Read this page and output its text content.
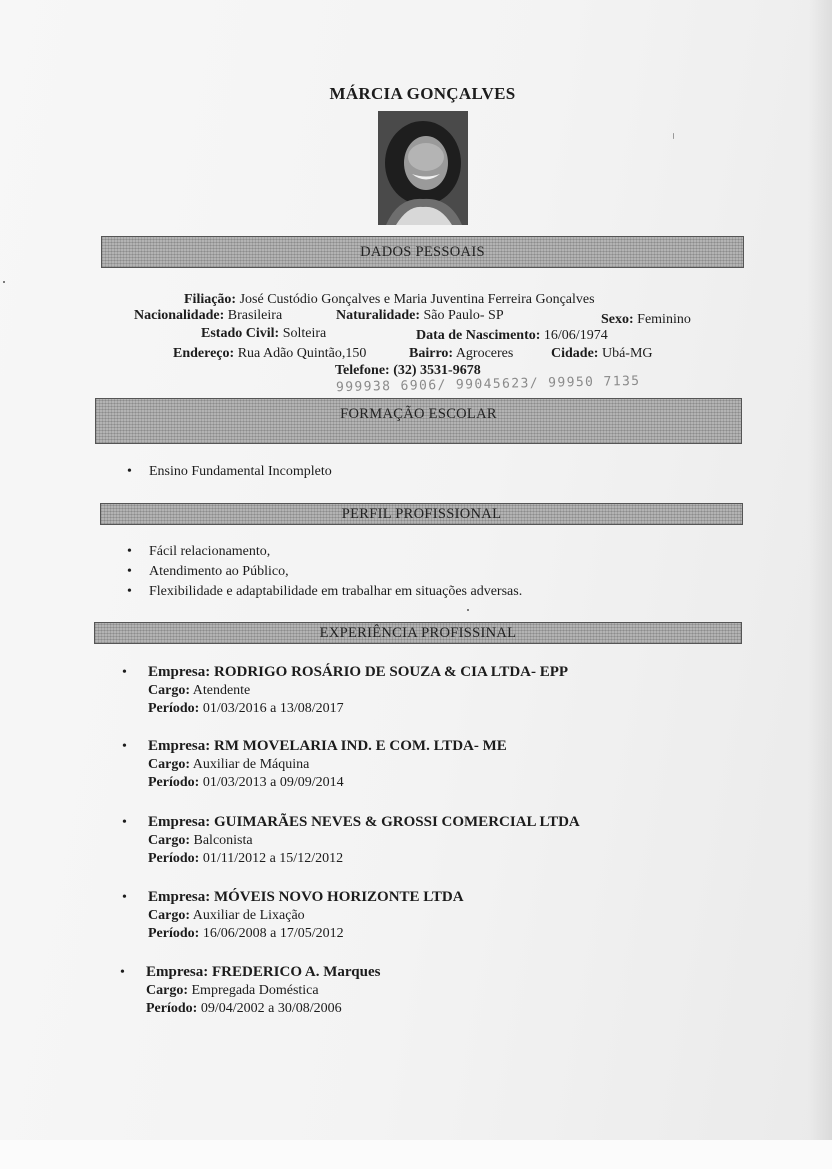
MÁRCIA GONÇALVES
DADOS PESSOAIS
Filiação: José Custódio Gonçalves e Maria Juventina Ferreira Gonçalves
Nacionalidade: Brasileira	Naturalidade: São Paulo- SP	Sexo: Feminino
Estado Civil: Solteira	Data de Nascimento: 16/06/1974
Endereço: Rua Adão Quintão,150	Bairro: Agroceres	Cidade: Ubá-MG
Telefone: (32) 3531-9678
999938 6906/ 99045623/ 99950 7135
FORMAÇÃO ESCOLAR
• Ensino Fundamental Incompleto
PERFIL PROFISSIONAL
• Fácil relacionamento,
• Atendimento ao Público,
• Flexibilidade e adaptabilidade em trabalhar em situações adversas.
EXPERIÊNCIA PROFISSINAL
• Empresa: RODRIGO ROSÁRIO DE SOUZA & CIA LTDA- EPP
Cargo: Atendente
Período: 01/03/2016 a 13/08/2017
• Empresa: RM MOVELARIA IND. E COM. LTDA- ME
Cargo: Auxiliar de Máquina
Período: 01/03/2013 a 09/09/2014
• Empresa: GUIMARÃES NEVES & GROSSI COMERCIAL LTDA
Cargo: Balconista
Período: 01/11/2012 a 15/12/2012
• Empresa: MÓVEIS NOVO HORIZONTE LTDA
Cargo: Auxiliar de Lixação
Período: 16/06/2008 a 17/05/2012
• Empresa: FREDERICO A. Marques
Cargo: Empregada Doméstica
Período: 09/04/2002 a 30/08/2006
